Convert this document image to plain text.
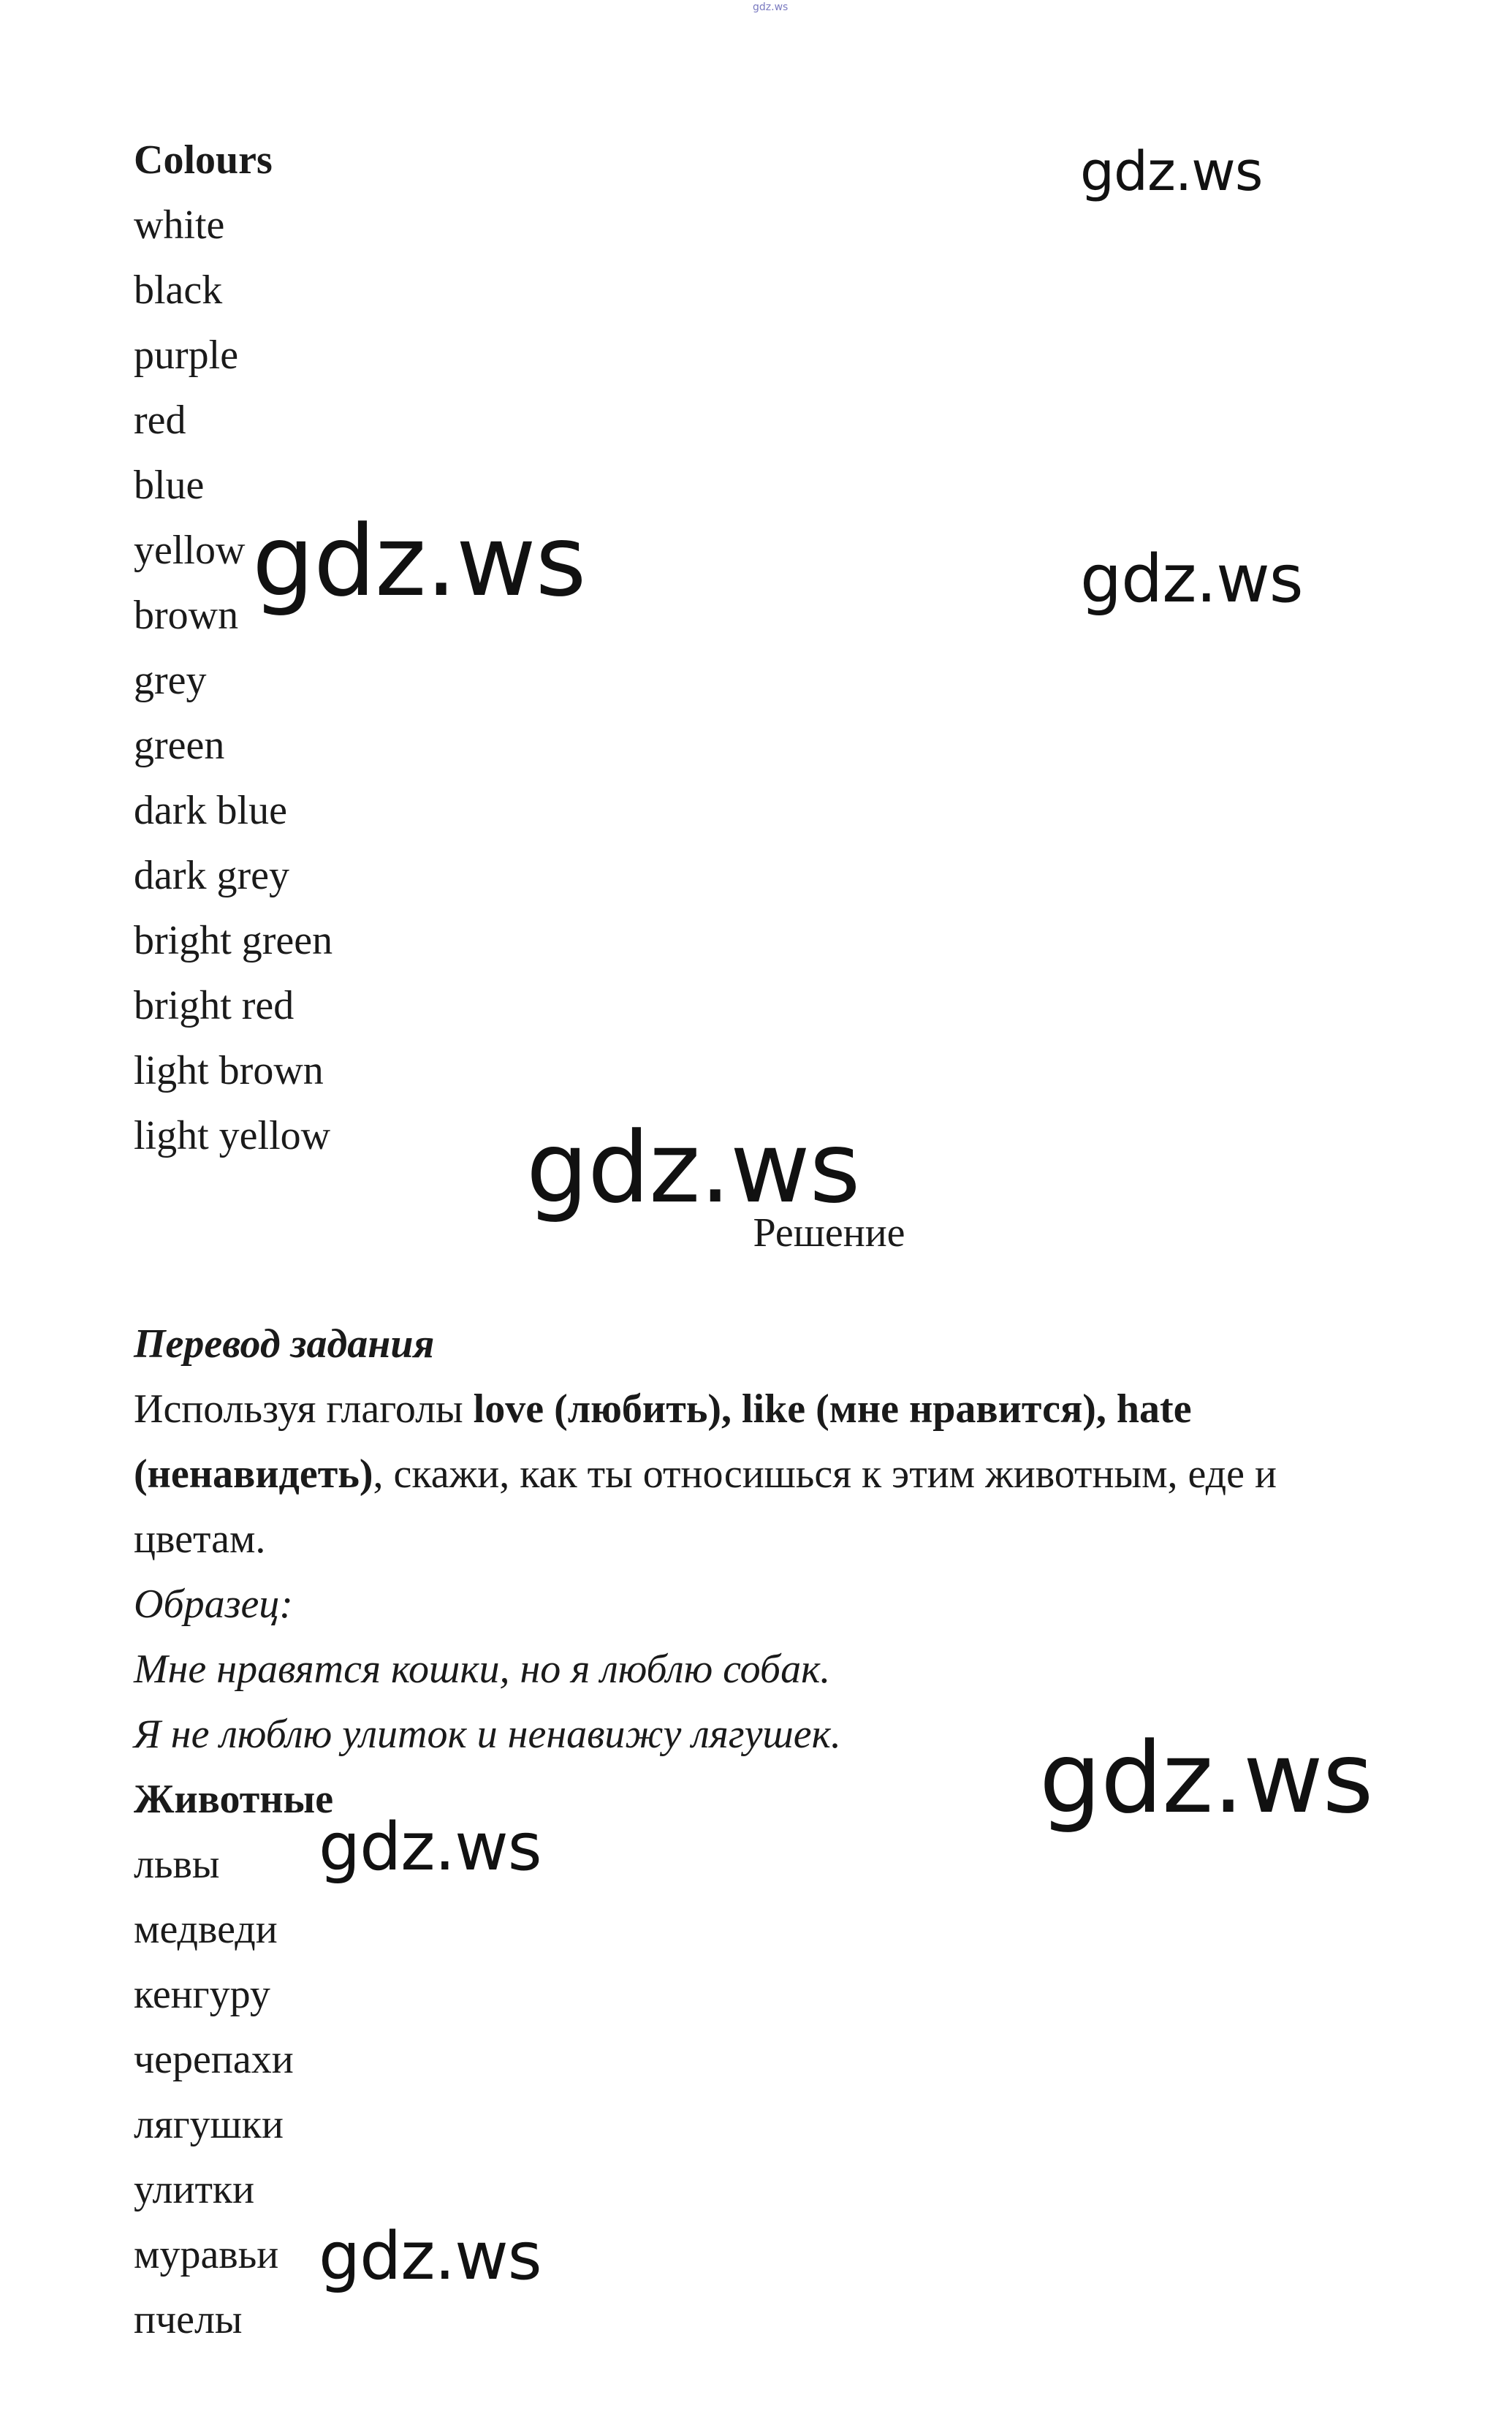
gdz.ws
Colours
white
black
purple
red
blue
yellow
brown
grey
green
dark blue
dark grey
bright green
bright red
light brown
light yellow
Решение
Перевод задания
Используя глаголы love (любить), like (мне нравится), hate
(ненавидеть), скажи, как ты относишься к этим животным, еде и
цветам.
Образец:
Мне нравятся кошки, но я люблю собак.
Я не люблю улиток и ненавижу лягушек.
Животные
львы
медведи
кенгуру
черепахи
лягушки
улитки
муравьи
пчелы
gdz.ws
gdz.ws	gdz.ws
gdz.ws
gdz.ws
gdz.ws
gdz.ws
